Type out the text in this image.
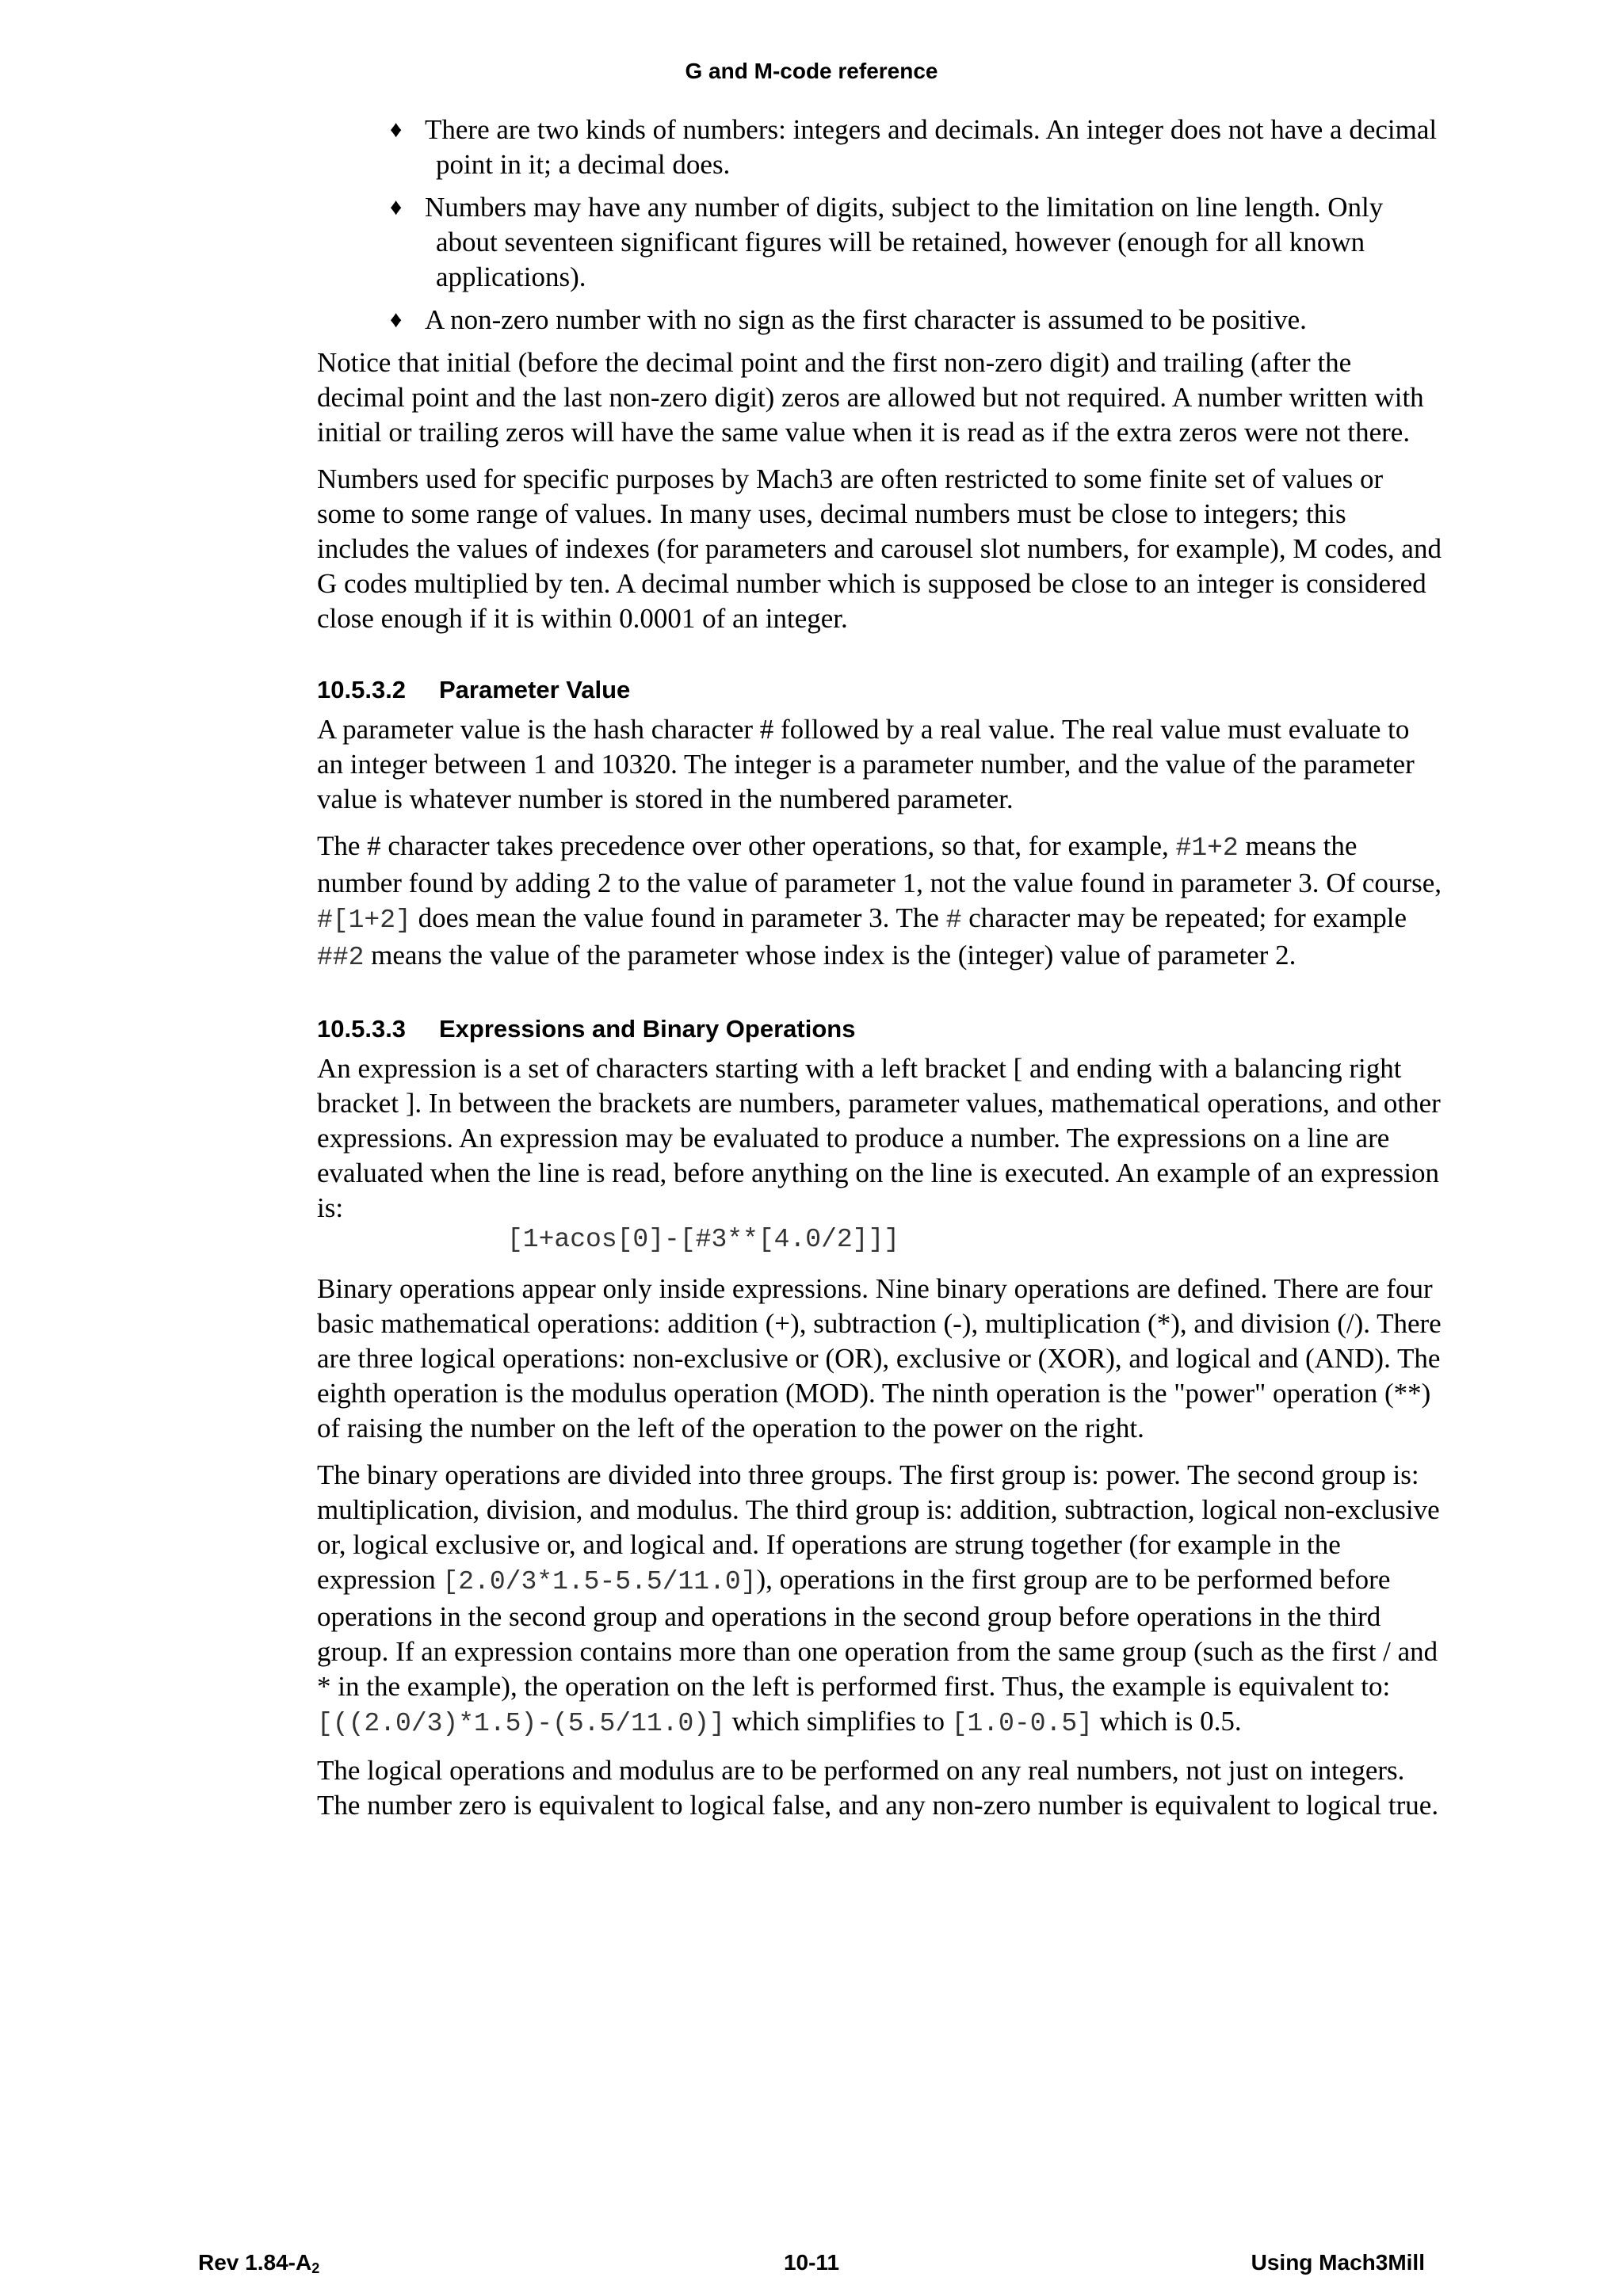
G and M-code reference
♦ There are two kinds of numbers: integers and decimals. An integer does not have a decimal point in it; a decimal does.
♦ Numbers may have any number of digits, subject to the limitation on line length. Only about seventeen significant figures will be retained, however (enough for all known applications).
♦ A non-zero number with no sign as the first character is assumed to be positive.

Notice that initial (before the decimal point and the first non-zero digit) and trailing (after the decimal point and the last non-zero digit) zeros are allowed but not required. A number written with initial or trailing zeros will have the same value when it is read as if the extra zeros were not there.

Numbers used for specific purposes by Mach3 are often restricted to some finite set of values or some to some range of values. In many uses, decimal numbers must be close to integers; this includes the values of indexes (for parameters and carousel slot numbers, for example), M codes, and G codes multiplied by ten. A decimal number which is supposed be close to an integer is considered close enough if it is within 0.0001 of an integer.

10.5.3.2 Parameter Value

A parameter value is the hash character # followed by a real value. The real value must evaluate to an integer between 1 and 10320. The integer is a parameter number, and the value of the parameter value is whatever number is stored in the numbered parameter.

The # character takes precedence over other operations, so that, for example, #1+2 means the number found by adding 2 to the value of parameter 1, not the value found in parameter 3. Of course, #[1+2] does mean the value found in parameter 3. The # character may be repeated; for example ##2 means the value of the parameter whose index is the (integer) value of parameter 2.

10.5.3.3 Expressions and Binary Operations

An expression is a set of characters starting with a left bracket [ and ending with a balancing right bracket ]. In between the brackets are numbers, parameter values, mathematical operations, and other expressions. An expression may be evaluated to produce a number. The expressions on a line are evaluated when the line is read, before anything on the line is executed. An example of an expression is:

[1+acos[0]-[#3**[4.0/2]]]

Binary operations appear only inside expressions. Nine binary operations are defined. There are four basic mathematical operations: addition (+), subtraction (-), multiplication (*), and division (/). There are three logical operations: non-exclusive or (OR), exclusive or (XOR), and logical and (AND). The eighth operation is the modulus operation (MOD). The ninth operation is the "power" operation (**) of raising the number on the left of the operation to the power on the right.

The binary operations are divided into three groups. The first group is: power. The second group is: multiplication, division, and modulus. The third group is: addition, subtraction, logical non-exclusive or, logical exclusive or, and logical and. If operations are strung together (for example in the expression [2.0/3*1.5-5.5/11.0]), operations in the first group are to be performed before operations in the second group and operations in the second group before operations in the third group. If an expression contains more than one operation from the same group (such as the first / and * in the example), the operation on the left is performed first. Thus, the example is equivalent to: [((2.0/3)*1.5)-(5.5/11.0)] which simplifies to [1.0-0.5] which is 0.5.

The logical operations and modulus are to be performed on any real numbers, not just on integers. The number zero is equivalent to logical false, and any non-zero number is equivalent to logical true.

Rev $1.84-A_2$	10-11	Using Mach3Mill
